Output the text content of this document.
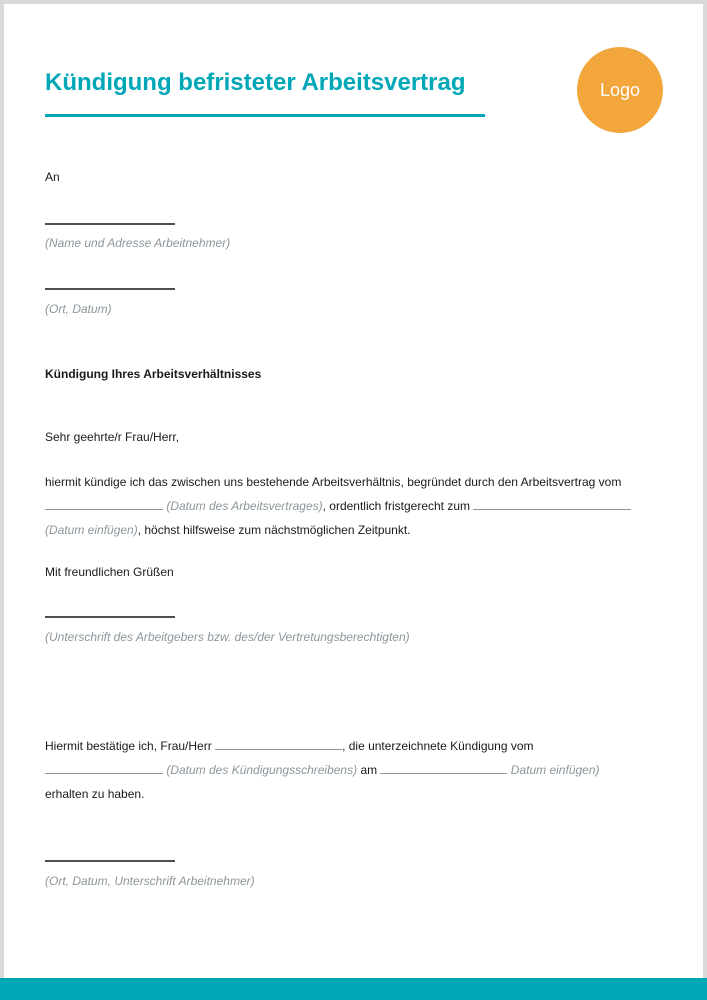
Kündigung befristeter Arbeitsvertrag	Logo
An
(Name und Adresse Arbeitnehmer)
(Ort, Datum)
Kündigung Ihres Arbeitsverhältnisses
Sehr geehrte/r Frau/Herr,
hiermit kündige ich das zwischen uns bestehende Arbeitsverhältnis, begründet durch den Arbeitsvertrag vom
(Datum des Arbeitsvertrages), ordentlich fristgerecht zum
(Datum einfügen), höchst hilfsweise zum nächstmöglichen Zeitpunkt.
Mit freundlichen Grüßen
(Unterschrift des Arbeitgebers bzw. des/der Vertretungsberechtigten)
Hiermit bestätige ich, Frau/Herr	, die unterzeichnete Kündigung vom
(Datum des Kündigungsschreibens) am	Datum einfügen)
erhalten zu haben.
(Ort, Datum, Unterschrift Arbeitnehmer)
